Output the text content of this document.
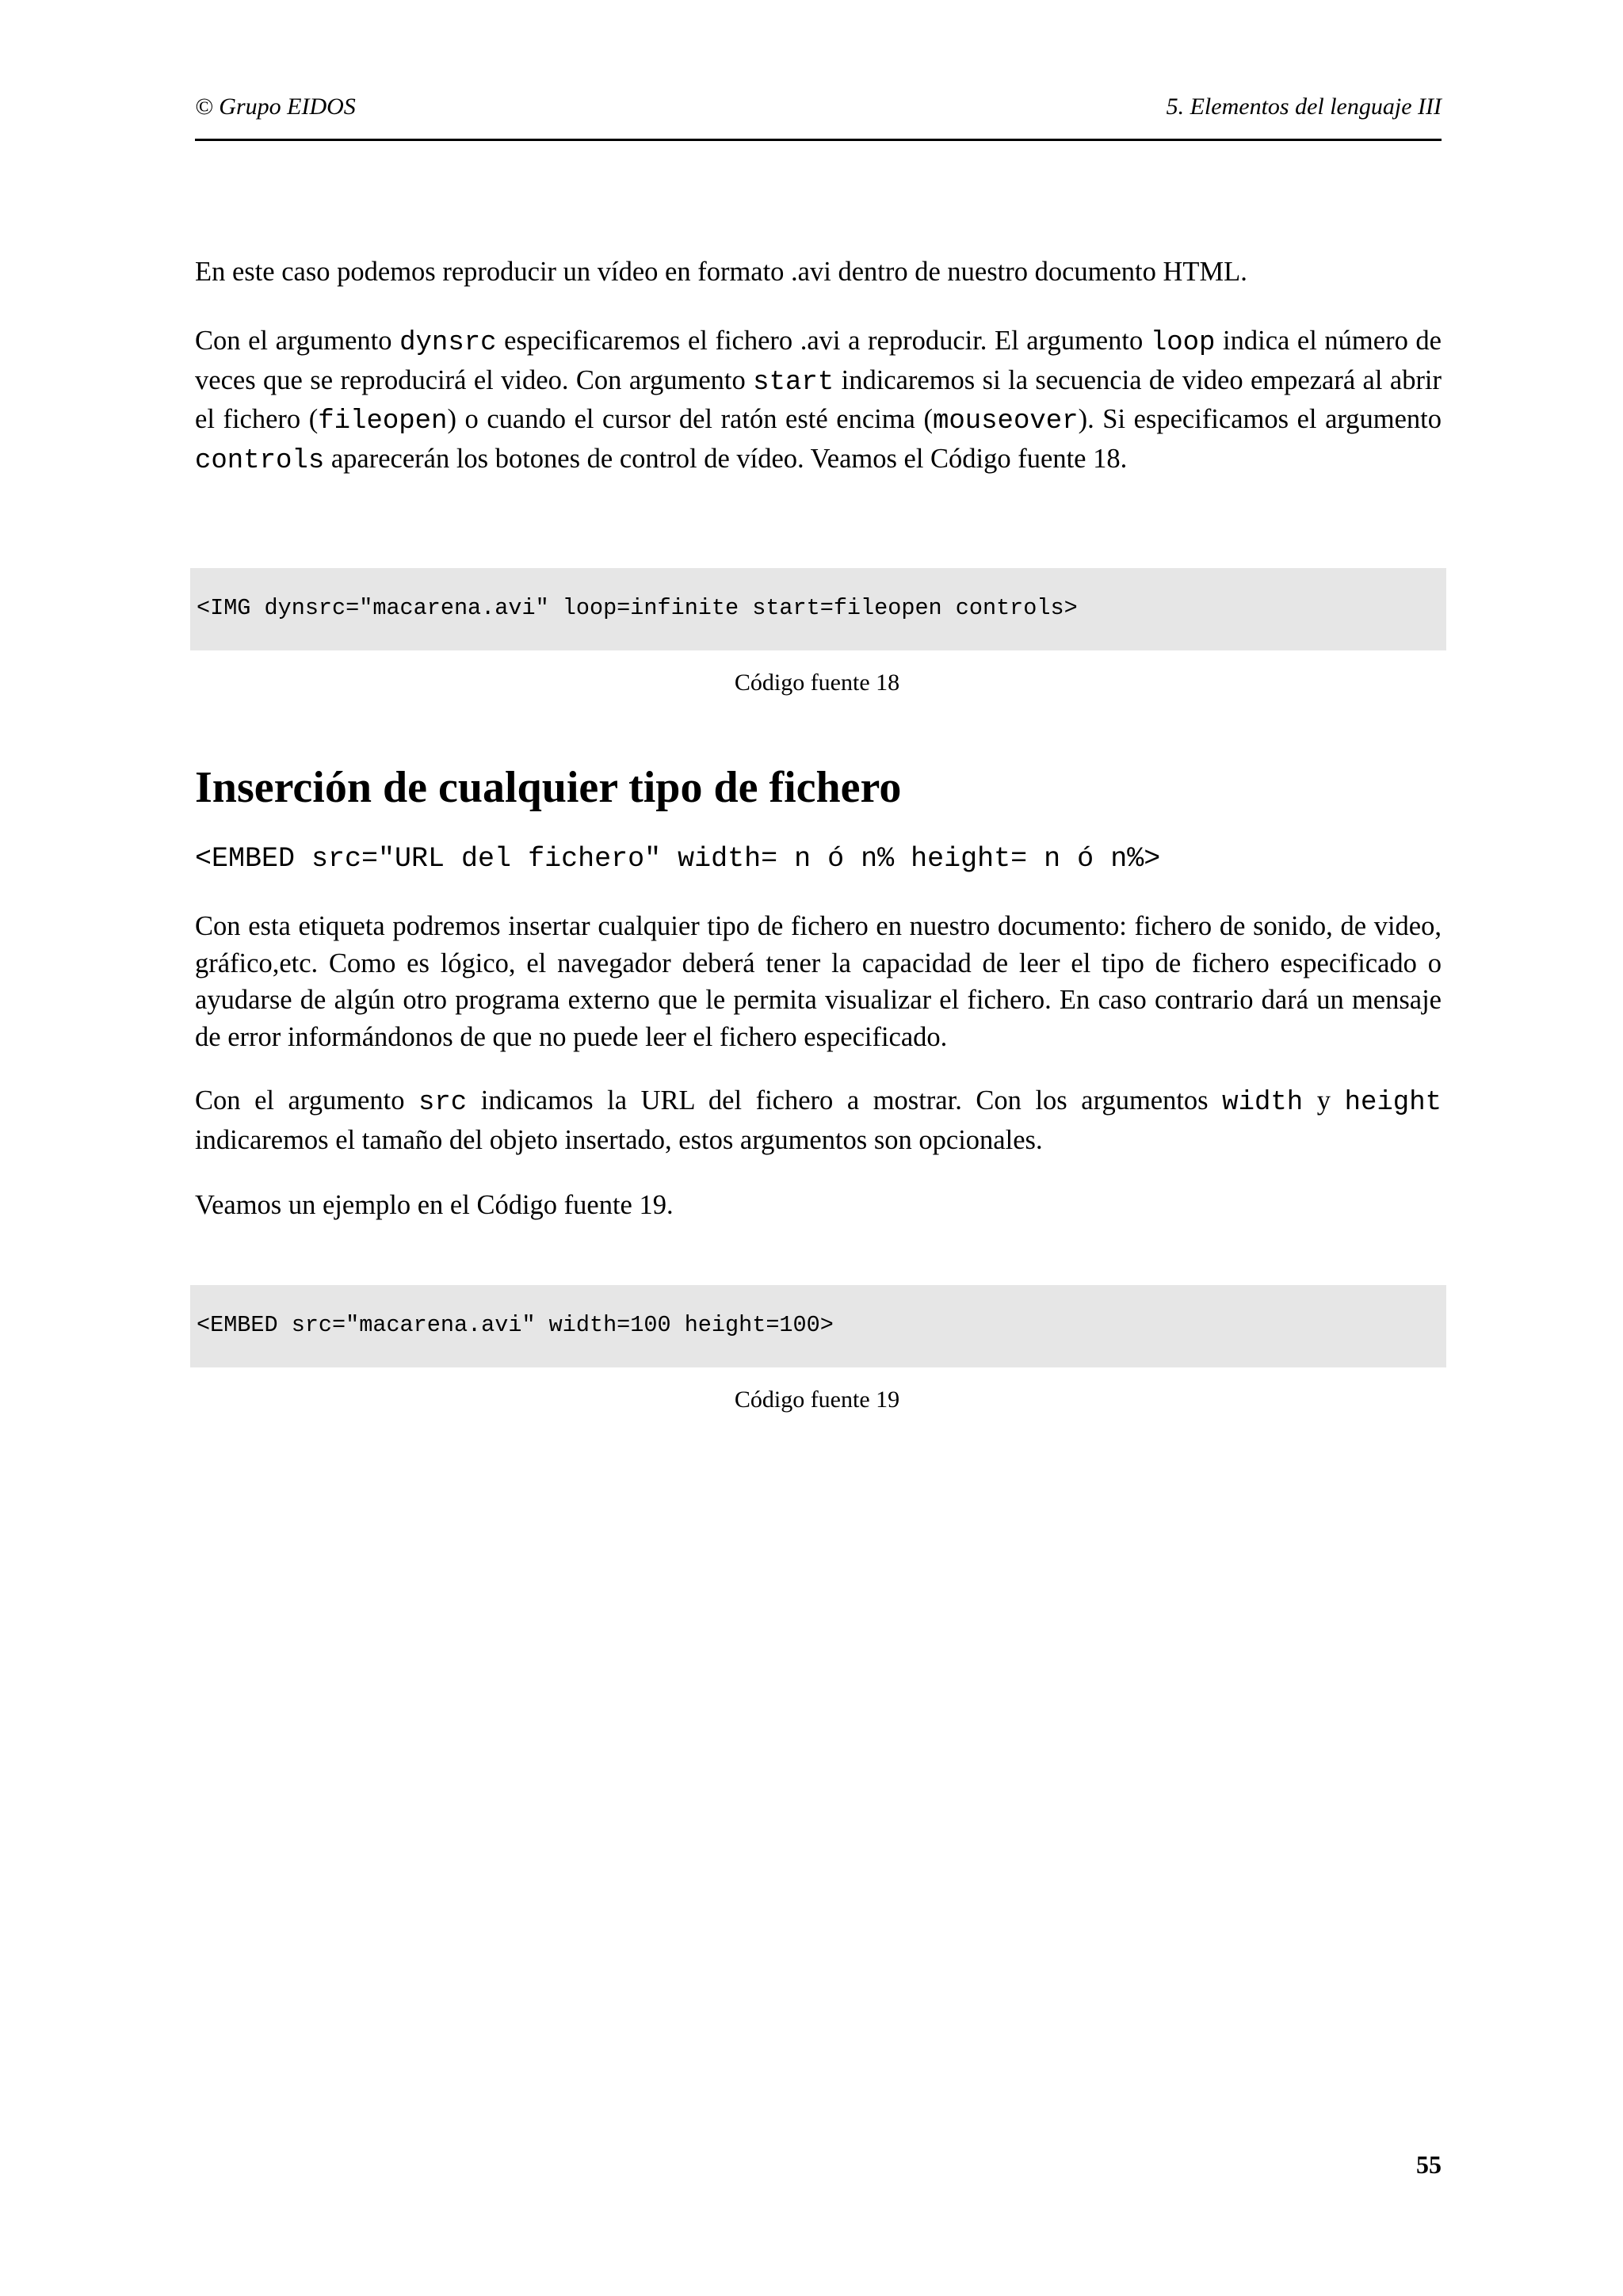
© Grupo EIDOS	5. Elementos del lenguaje III
En este caso podemos reproducir un vídeo en formato .avi dentro de nuestro documento HTML.
Con el argumento dynsrc especificaremos el fichero .avi a reproducir. El argumento loop indica el número de veces que se reproducirá el video. Con argumento start indicaremos si la secuencia de video empezará al abrir el fichero (fileopen) o cuando el cursor del ratón esté encima (mouseover). Si especificamos el argumento controls aparecerán los botones de control de vídeo. Veamos el Código fuente 18.
<IMG dynsrc="macarena.avi" loop=infinite start=fileopen controls>
Código fuente 18
Inserción de cualquier tipo de fichero
<EMBED src="URL del fichero" width= n ó n% height= n ó n%>
Con esta etiqueta podremos insertar cualquier tipo de fichero en nuestro documento: fichero de sonido, de video, gráfico,etc. Como es lógico, el navegador deberá tener la capacidad de leer el tipo de fichero especificado o ayudarse de algún otro programa externo que le permita visualizar el fichero. En caso contrario dará un mensaje de error informándonos de que no puede leer el fichero especificado.
Con el argumento src indicamos la URL del fichero a mostrar. Con los argumentos width y height indicaremos el tamaño del objeto insertado, estos argumentos son opcionales.
Veamos un ejemplo en el Código fuente 19.
<EMBED src="macarena.avi" width=100 height=100>
Código fuente 19
55
